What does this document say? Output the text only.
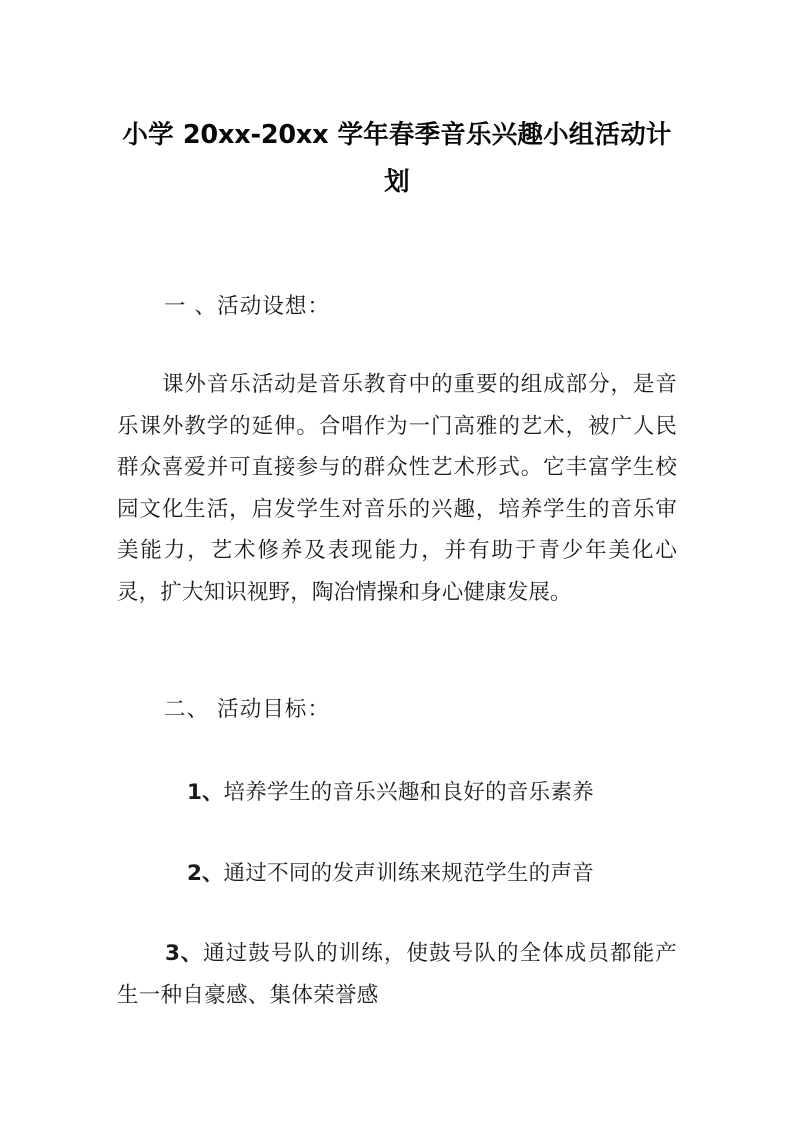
小学 20xx-20xx 学年春季音乐兴趣小组活动计划
一 、活动设想：

课外音乐活动是音乐教育中的重要的组成部分，是音乐课外教学的延伸。合唱作为一门高雅的艺术，被广人民群众喜爱并可直接参与的群众性艺术形式。它丰富学生校园文化生活，启发学生对音乐的兴趣，培养学生的音乐审美能力，艺术修养及表现能力，并有助于青少年美化心灵，扩大知识视野，陶冶情操和身心健康发展。

二、 活动目标：

1、培养学生的音乐兴趣和良好的音乐素养

2、通过不同的发声训练来规范学生的声音

3、通过鼓号队的训练，使鼓号队的全体成员都能产生一种自豪感、集体荣誉感
